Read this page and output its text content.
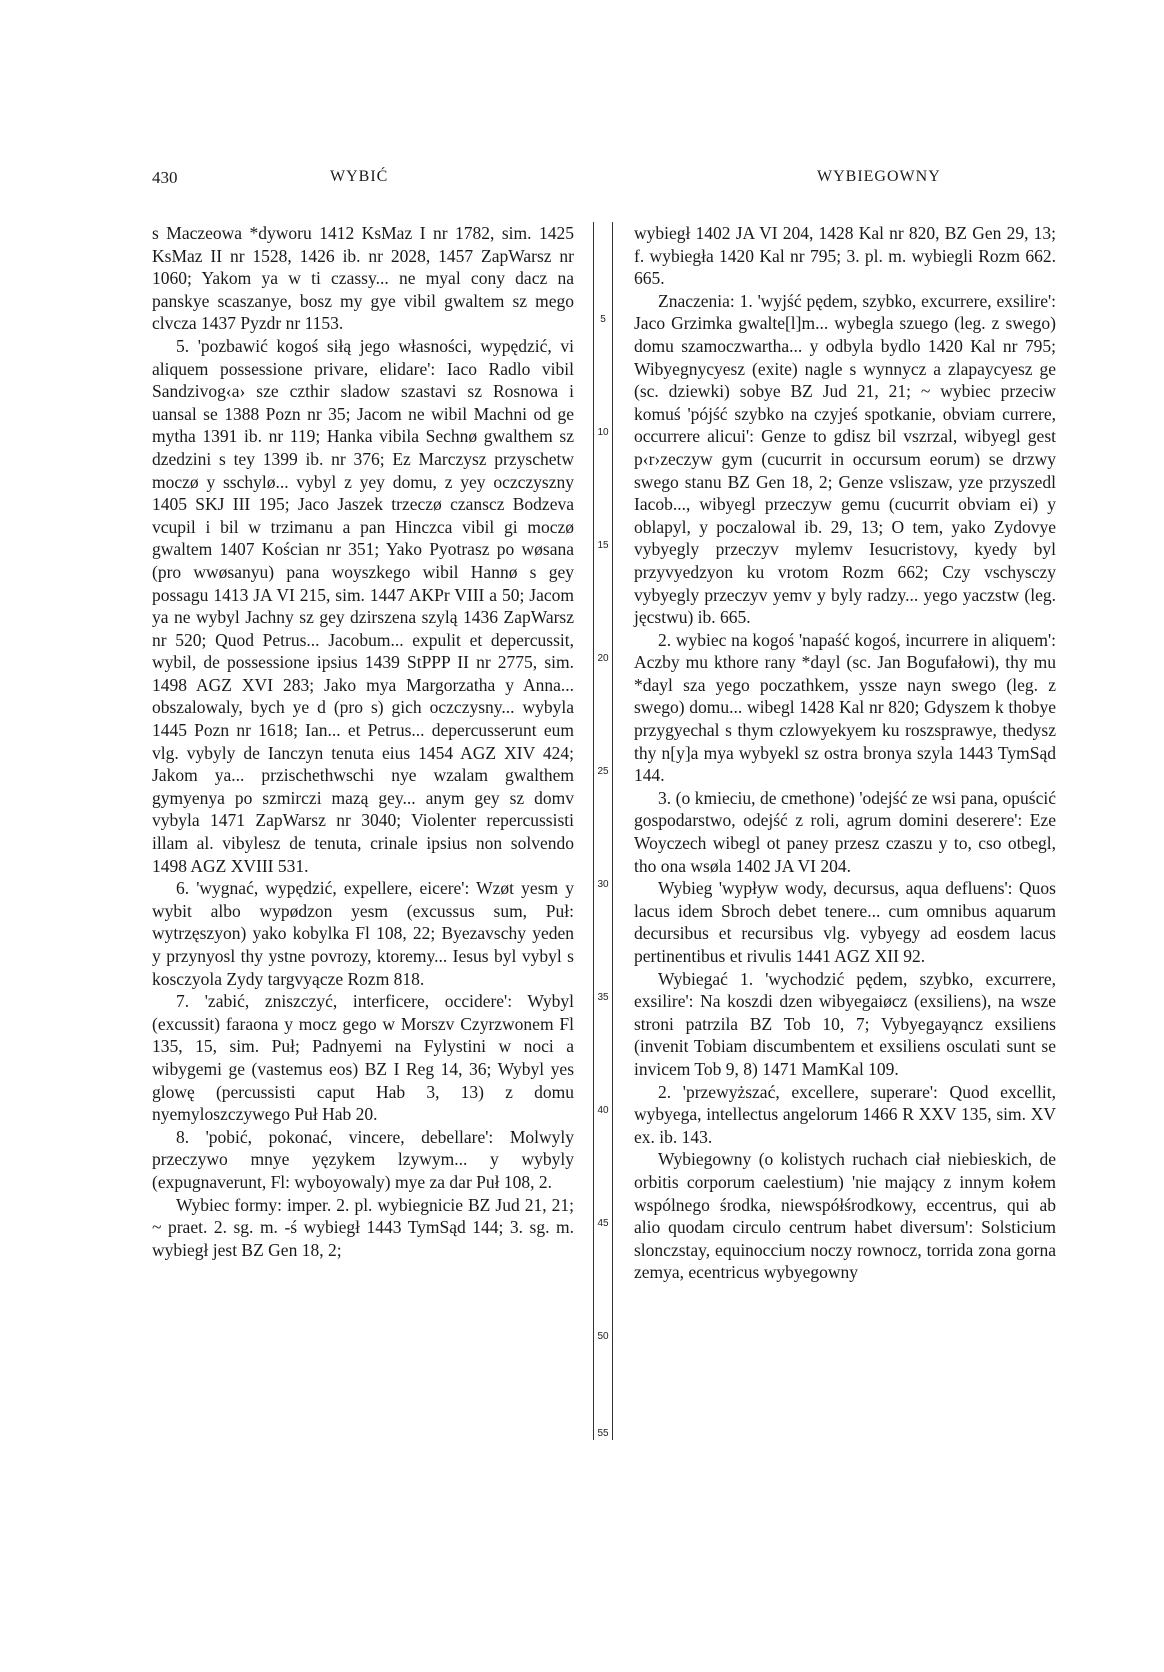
430	WYBIĆ	WYBIEGOWNY

s Maczeowa *dyworu 1412 KsMaz I nr 1782, sim. 1425 KsMaz II nr 1528, 1426 ib. nr 2028, 1457 ZapWarsz nr 1060; Yakom ya w ti czassy... ne myal cony dacz na panskye scaszanye, bosz my gye vibil gwaltem sz mego clvcza 1437 Pyzdr nr 1153.

5. 'pozbawić kogoś siłą jego własności, wypędzić, vi aliquem possessione privare, elidare': Iaco Radlo vibil Sandzivog‹a› sze czthir sladow szastavi sz Rosnowa i uansal se 1388 Pozn nr 35; Jacom ne wibil Machni od ge mytha 1391 ib. nr 119; Hanka vibila Sechnø gwalthem sz dzedzini s tey 1399 ib. nr 376; Ez Marczysz przyschetw moczø y sschylø... vybyl z yey domu, z yey oczczyszny 1405 SKJ III 195; Jaco Jaszek trzeczø czanscz Bodzeva vcupil i bil w trzimanu a pan Hinczca vibil gi moczø gwaltem 1407 Kościan nr 351; Yako Pyotrasz po wøsana (pro wwøsanyu) pana woyszkego wibil Hannø s gey possagu 1413 JA VI 215, sim. 1447 AKPr VIII a 50; Jacom ya ne wybyl Jachny sz gey dzirszena szylą 1436 ZapWarsz nr 520; Quod Petrus... Jacobum... expulit et depercussit, wybil, de possessione ipsius 1439 StPPP II nr 2775, sim. 1498 AGZ XVI 283; Jako mya Margorzatha y Anna... obszalowaly, bych ye d (pro s) gich oczczysny... wybyla 1445 Pozn nr 1618; Ian... et Petrus... depercusserunt eum vlg. vybyly de Ianczyn tenuta eius 1454 AGZ XIV 424; Jakom ya... przischethwschi nye wzalam gwalthem gymyenya po szmirczi mazą gey... anym gey sz domv vybyla 1471 ZapWarsz nr 3040; Violenter repercussisti illam al. vibylesz de tenuta, crinale ipsius non solvendo 1498 AGZ XVIII 531.

6. 'wygnać, wypędzić, expellere, eicere': Wzøt yesm y wybit albo wypødzon yesm (excussus sum, Puł: wytrzęszyon) yako kobylka Fl 108, 22; Byezavschy yeden y przynyosl thy ystne povrozy, ktoremy... Iesus byl vybyl s kosczyola Zydy targvyącze Rozm 818.

7. 'zabić, zniszczyć, interficere, occidere': Wybyl (excussit) faraona y mocz gego w Morszv Czyrzwonem Fl 135, 15, sim. Puł; Padnyemi na Fylystini w noci a wibygemi ge (vastemus eos) BZ I Reg 14, 36; Wybyl yes glowę (percussisti caput Hab 3, 13) z domu nyemyloszczywego Puł Hab 20.

8. 'pobić, pokonać, vincere, debellare': Molwyly przeczywo mnye yęzykem lzywym... y wybyly (expugnaverunt, Fl: wyboyowaly) mye za dar Puł 108, 2.

Wybiec formy: imper. 2. pl. wybiegnicie BZ Jud 21, 21; ~ praet. 2. sg. m. -ś wybiegł 1443 TymSąd 144; 3. sg. m. wybiegł jest BZ Gen 18, 2;

5
10
15
20
25
30
35
40
45
50
55

wybiegł 1402 JA VI 204, 1428 Kal nr 820, BZ Gen 29, 13; f. wybiegła 1420 Kal nr 795; 3. pl. m. wybiegli Rozm 662. 665.

Znaczenia: 1. 'wyjść pędem, szybko, excurrere, exsilire': Jaco Grzimka gwalte[l]m... wybegla szuego (leg. z swego) domu szamoczwartha... y odbyla bydlo 1420 Kal nr 795; Wibyegnycyesz (exite) nagle s wynnycz a zlapaycyesz ge (sc. dziewki) sobye BZ Jud 21, 21; ~ wybiec przeciw komuś 'pójść szybko na czyjeś spotkanie, obviam currere, occurrere alicui': Genze to gdisz bil vszrzal, wibyegl gest p‹r›zeczyw gym (cucurrit in occursum eorum) se drzwy swego stanu BZ Gen 18, 2; Genze vsliszaw, yze przyszedl Iacob..., wibyegl przeczyw gemu (cucurrit obviam ei) y oblapyl, y poczalowal ib. 29, 13; O tem, yako Zydovye vybyegly przeczyv mylemv Iesucristovy, kyedy byl przyvyedzyon ku vrotom Rozm 662; Czy vschysczy vybyegly przeczyv yemv y byly radzy... yego yaczstw (leg. jęcstwu) ib. 665.

2. wybiec na kogoś 'napaść kogoś, incurrere in aliquem': Aczby mu kthore rany *dayl (sc. Jan Bogufałowi), thy mu *dayl sza yego poczathkem, yssze nayn swego (leg. z swego) domu... wibegl 1428 Kal nr 820; Gdyszem k thobye przygyechal s thym czlowyekyem ku roszsprawye, thedysz thy n[y]a mya wybyekl sz ostra bronya szyla 1443 TymSąd 144.

3. (o kmieciu, de cmethone) 'odejść ze wsi pana, opuścić gospodarstwo, odejść z roli, agrum domini deserere': Eze Woyczech wibegl ot paney przesz czaszu y to, cso otbegl, tho ona wsøla 1402 JA VI 204.

Wybieg 'wypływ wody, decursus, aqua defluens': Quos lacus idem Sbroch debet tenere... cum omnibus aquarum decursibus et recursibus vlg. vybyegy ad eosdem lacus pertinentibus et rivulis 1441 AGZ XII 92.

Wybiegać 1. 'wychodzić pędem, szybko, excurrere, exsilire': Na koszdi dzen wibyegaiøcz (exsiliens), na wsze stroni patrzila BZ Tob 10, 7; Vybyegayąncz exsiliens (invenit Tobiam discumbentem et exsiliens osculati sunt se invicem Tob 9, 8) 1471 MamKal 109.

2. 'przewyższać, excellere, superare': Quod excellit, wybyega, intellectus angelorum 1466 R XXV 135, sim. XV ex. ib. 143.

Wybiegowny (o kolistych ruchach ciał niebieskich, de orbitis corporum caelestium) 'nie mający z innym kołem wspólnego środka, niewspółśrodkowy, eccentrus, qui ab alio quodam circulo centrum habet diversum': Solsticium slonczstay, equinoccium noczy rownocz, torrida zona gorna zemya, ecentricus wybyegowny
